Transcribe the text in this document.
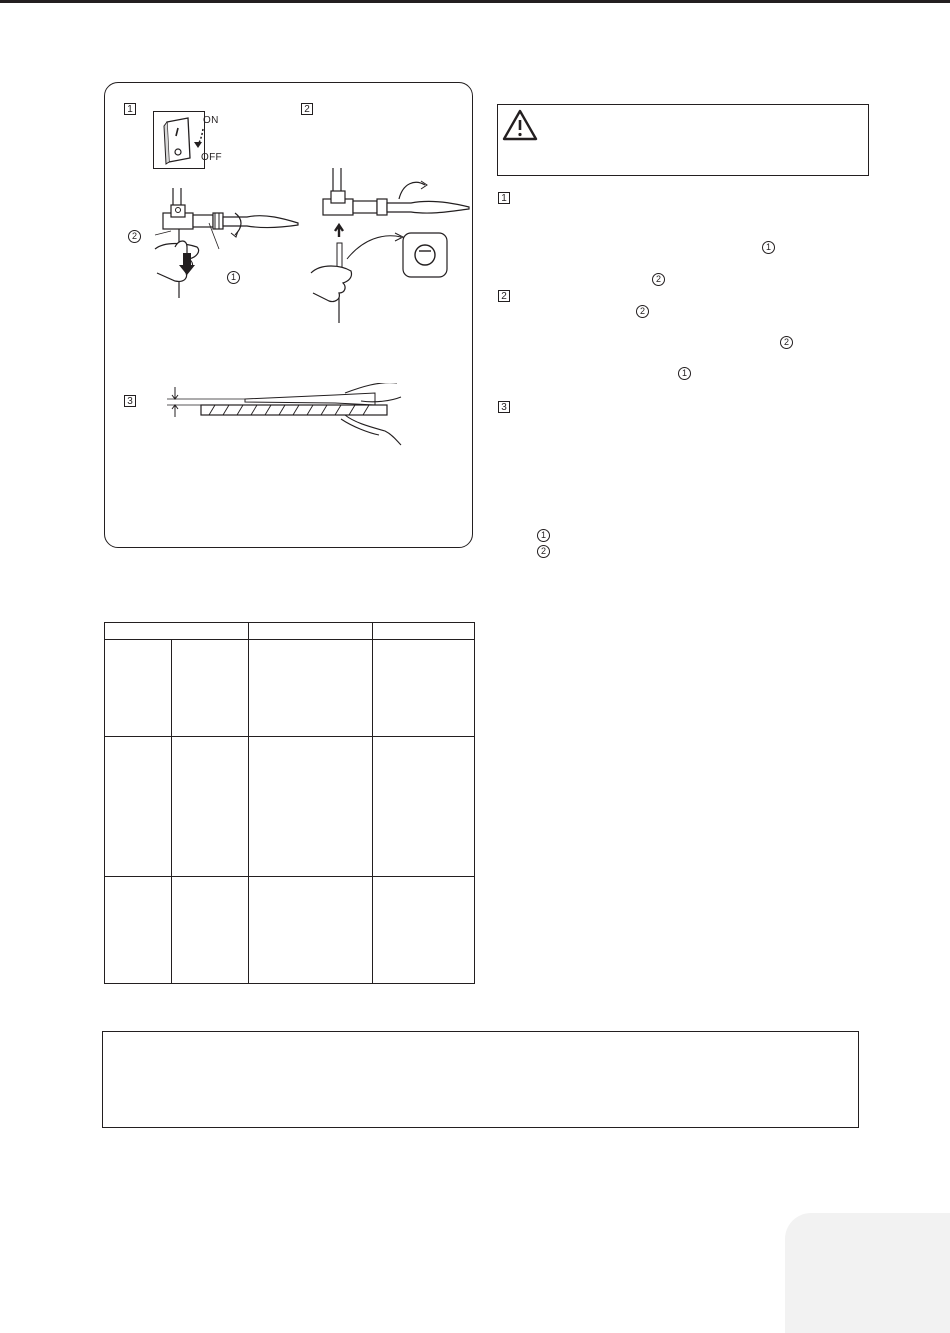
1	2
3
ON
OFF
2
1
1
1
2
2
2
2
1
3
1
2
